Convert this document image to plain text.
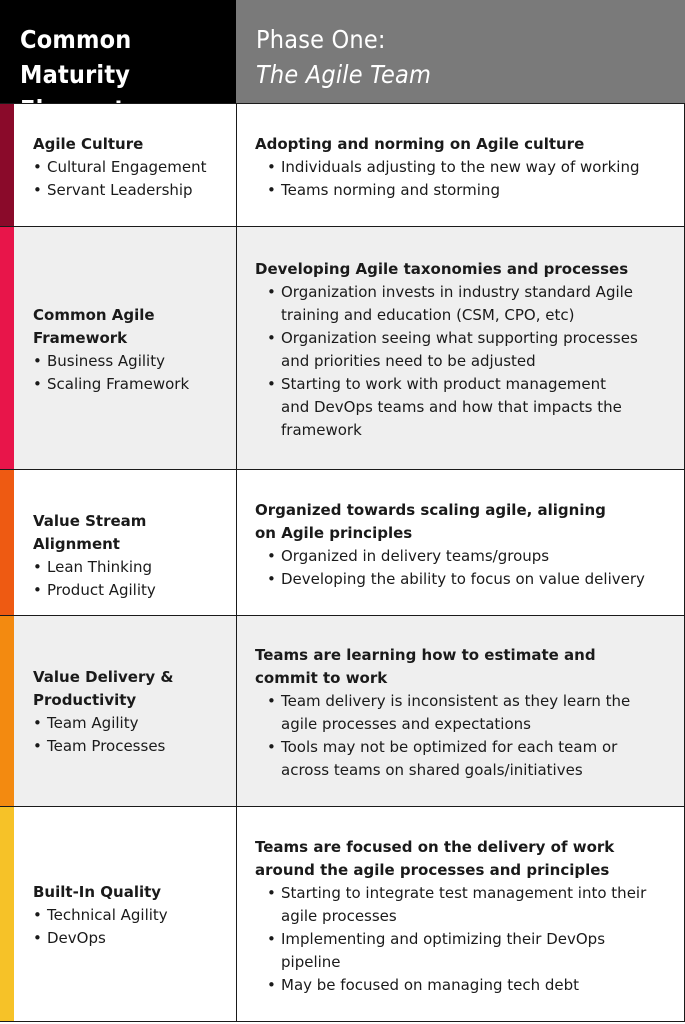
Common Maturity
Elements
Phase One:
The Agile Team
Agile Culture
• Cultural Engagement
• Servant Leadership
Adopting and norming on Agile culture
• Individuals adjusting to the new way of working
• Teams norming and storming
Common Agile Framework
• Business Agility
• Scaling Framework
Developing Agile taxonomies and processes
• Organization invests in industry standard Agile training and education (CSM, CPO, etc)
• Organization seeing what supporting processes and priorities need to be adjusted
• Starting to work with product management and DevOps teams and how that impacts the framework
Value Stream Alignment
• Lean Thinking
• Product Agility
Organized towards scaling agile, aligning on Agile principles
• Organized in delivery teams/groups
• Developing the ability to focus on value delivery
Value Delivery & Productivity
• Team Agility
• Team Processes
Teams are learning how to estimate and commit to work
• Team delivery is inconsistent as they learn the agile processes and expectations
• Tools may not be optimized for each team or across teams on shared goals/initiatives
Built-In Quality
• Technical Agility
• DevOps
Teams are focused on the delivery of work around the agile processes and principles
• Starting to integrate test management into their agile processes
• Implementing and optimizing their DevOps pipeline
• May be focused on managing tech debt
